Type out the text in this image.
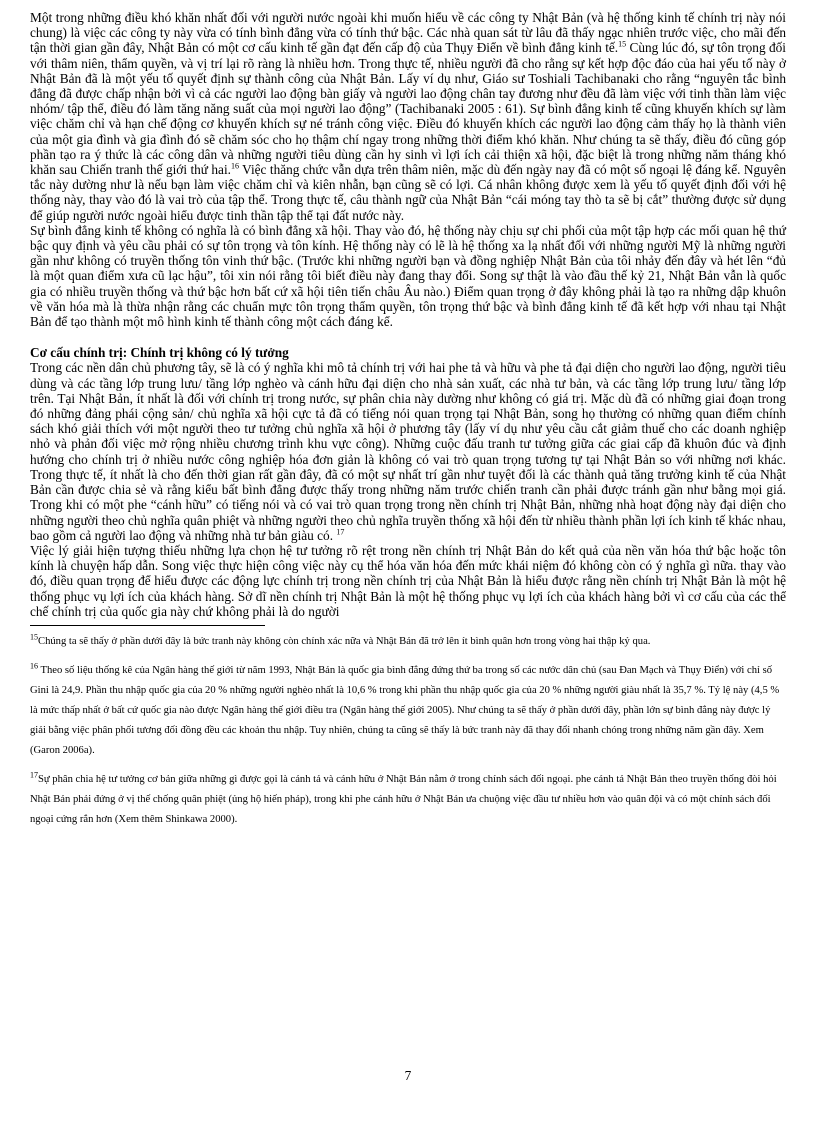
Một trong những điều khó khăn nhất đối với người nước ngoài khi muốn hiểu về các công ty Nhật Bản (và hệ thống kinh tế chính trị này nói chung) là việc các công ty này vừa có tính bình đẳng vừa có tính thứ bậc. Các nhà quan sát từ lâu đã thấy ngạc nhiên trước việc, cho mãi đến tận thời gian gần đây, Nhật Bản có một cơ cấu kinh tế gần đạt đến cấp độ của Thụy Điển về bình đẳng kinh tế.$^{15}$ Cùng lúc đó, sự tôn trọng đối với thâm niên, thẩm quyền, và vị trí lại rõ ràng là nhiều hơn. Trong thực tế, nhiều người đã cho rằng sự kết hợp độc đáo của hai yếu tố này ở Nhật Bản đã là một yếu tố quyết định sự thành công của Nhật Bản. Lấy ví dụ như, Giáo sư Toshiali Tachibanaki cho rằng “nguyên tắc bình đẳng đã được chấp nhận bởi vì cả các người lao động bàn giấy và người lao động chân tay đương như đều đã làm việc với tinh thần làm việc nhóm/ tập thể, điều đó làm tăng năng suất của mọi người lao động” (Tachibanaki 2005 : 61). Sự bình đẳng kinh tế cũng khuyến khích sự làm việc chăm chỉ và hạn chế động cơ khuyến khích sự né tránh công việc. Điều đó khuyến khích các người lao động cảm thấy họ là thành viên của một gia đình và gia đình đó sẽ chăm sóc cho họ thậm chí ngay trong những thời điểm khó khăn. Như chúng ta sẽ thấy, điều đó cũng góp phần tạo ra ý thức là các công dân và những người tiêu dùng cần hy sinh vì lợi ích cải thiện xã hội, đặc biệt là trong những năm tháng khó khăn sau Chiến tranh thế giới thứ hai.$^{16}$ Việc thăng chức vẫn dựa trên thâm niên, mặc dù đến ngày nay đã có một số ngoại lệ đáng kể. Nguyên tắc này dường như là nếu bạn làm việc chăm chỉ và kiên nhẫn, bạn cũng sẽ có lợi. Cá nhân không được xem là yếu tố quyết định đối với hệ thống này, thay vào đó là vai trò của tập thể. Trong thực tế, câu thành ngữ của Nhật Bản “cái móng tay thò ta sẽ bị cắt” thường được sử dụng để giúp người nước ngoài hiểu được tinh thần tập thể tại đất nước này.

Sự bình đẳng kinh tế không có nghĩa là có bình đẳng xã hội. Thay vào đó, hệ thống này chịu sự chi phối của một tập hợp các mối quan hệ thứ bậc quy định và yêu cầu phải có sự tôn trọng và tôn kính. Hệ thống này có lẽ là hệ thống xa lạ nhất đối với những người Mỹ là những người gần như không có truyền thống tôn vinh thứ bậc. (Trước khi những người bạn và đồng nghiệp Nhật Bản của tôi nhảy đến đây và hét lên “đủ là một quan điểm xưa cũ lạc hậu”, tôi xin nói rằng tôi biết điều này đang thay đổi. Song sự thật là vào đầu thế kỷ 21, Nhật Bản vẫn là quốc gia có nhiều truyền thống và thứ bậc hơn bất cứ xã hội tiên tiến châu Âu nào.) Điểm quan trọng ở đây không phải là tạo ra những dập khuôn về văn hóa mà là thừa nhận rằng các chuẩn mực tôn trọng thẩm quyền, tôn trọng thứ bậc và bình đẳng kinh tế đã kết hợp với nhau tại Nhật Bản để tạo thành một mô hình kinh tế thành công một cách đáng kể.

Cơ cấu chính trị: Chính trị không có lý tưởng

Trong các nền dân chủ phương tây, sẽ là có ý nghĩa khi mô tả chính trị với hai phe tả và hữu và phe tả đại diện cho người lao động, người tiêu dùng và các tầng lớp trung lưu/ tầng lớp nghèo và cánh hữu đại diện cho nhà sản xuất, các nhà tư bản, và các tầng lớp trung lưu/ tầng lớp trên. Tại Nhật Bản, ít nhất là đối với chính trị trong nước, sự phân chia này dường như không có giá trị. Mặc dù đã có những giai đoạn trong đó những đảng phái cộng sản/ chủ nghĩa xã hội cực tả đã có tiếng nói quan trọng tại Nhật Bản, song họ thường có những quan điểm chính sách khó giải thích với một người theo tư tưởng chủ nghĩa xã hội ở phương tây (lấy ví dụ như yêu cầu cắt giảm thuế cho các doanh nghiệp nhỏ và phản đối việc mở rộng nhiều chương trình khu vực công). Những cuộc đấu tranh tư tưởng giữa các giai cấp đã khuôn đúc và định hướng cho chính trị ở nhiều nước công nghiệp hóa đơn giản là không có vai trò quan trọng tương tự tại Nhật Bản so với những nơi khác. Trong thực tế, ít nhất là cho đến thời gian rất gần đây, đã có một sự nhất trí gần như tuyệt đối là các thành quả tăng trưởng kinh tế của Nhật Bản cần được chia sẻ và rằng kiểu bất bình đẳng được thấy trong những năm trước chiến tranh cần phải được tránh gần như bằng mọi giá. Trong khi có một phe “cánh hữu” có tiếng nói và có vai trò quan trọng trong nền chính trị Nhật Bản, những nhà hoạt động này đại diện cho những người theo chủ nghĩa quân phiệt và những người theo chủ nghĩa truyền thống xã hội đến từ nhiều thành phần lợi ích kinh tế khác nhau, bao gồm cả người lao động và những nhà tư bản giàu có. $^{17}$

Việc lý giải hiện tượng thiếu những lựa chọn hệ tư tưởng rõ rệt trong nền chính trị Nhật Bản do kết quả của nền văn hóa thứ bậc hoặc tôn kính là chuyện hấp dẫn. Song việc thực hiện công việc này cụ thể hóa văn hóa đến mức khái niệm đó không còn có ý nghĩa gì nữa. thay vào đó, điều quan trọng để hiểu được các động lực chính trị trong nền chính trị của Nhật Bản là hiểu được rằng nền chính trị Nhật Bản là một hệ thống phục vụ lợi ích của khách hàng. Sở dĩ nền chính trị Nhật Bản là một hệ thống phục vụ lợi ích của khách hàng bởi vì cơ cấu của các thể chế chính trị của quốc gia này chứ không phải là do người

$^{15}$Chúng ta sẽ thấy ở phần dưới đây là bức tranh này không còn chính xác nữa và Nhật Bản đã trở lên ít bình quân hơn trong vòng hai thập kỷ qua.

$^{16}$ Theo số liệu thống kê của Ngân hàng thế giới từ năm 1993, Nhật Bản là quốc gia bình đẳng đứng thứ ba trong số các nước dân chủ (sau Đan Mạch và Thụy Điển) với chỉ số Gini là 24,9. Phần thu nhập quốc gia của 20 % những người nghèo nhất là 10,6 % trong khi phần thu nhập quốc gia của 20 % những người giàu nhất là 35,7 %. Tỷ lệ này (4,5 % là mức thấp nhất ở bất cứ quốc gia nào được Ngân hàng thế giới điều tra (Ngân hàng thế giới 2005). Như chúng ta sẽ thấy ở phần dưới đây, phần lớn sự bình đẳng này được lý giải bằng việc phân phối tương đối đồng đều các khoản thu nhập. Tuy nhiên, chúng ta cũng sẽ thấy là bức tranh này đã thay đổi nhanh chóng trong những năm gần đây. Xem (Garon 2006a).

$^{17}$Sự phân chia hệ tư tưởng cơ bản giữa những gì được gọi là cánh tả và cánh hữu ở Nhật Bản nằm ở trong chính sách đối ngoại. phe cánh tả Nhật Bản theo truyền thống đòi hỏi Nhật Bản phải đứng ở vị thế chống quân phiệt (ủng hộ hiến pháp), trong khi phe cánh hữu ở Nhật Bản ưa chuộng việc đầu tư nhiều hơn vào quân đội và có một chính sách đối ngoại cứng rắn hơn (Xem thêm Shinkawa 2000).

7
